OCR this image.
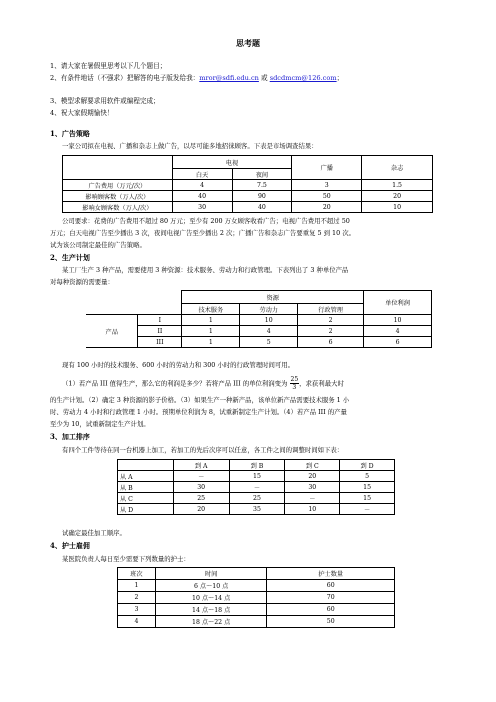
思考题
1、请大家在暑假里思考以下几个题目；
2、有条件地话（不强求）把解答的电子版发给我：mror@sdfi.edu.cn 或 sdcdmcm@126.com；
3、模型求解要求用软件或编程完成；
4、祝大家假期愉快！
1、广告策略
一家公司拟在电视、广播和杂志上做广告，以尽可能多地招徕顾客。下表是市场调查结果：
	电视		广播	杂志
	白天	夜间		
广告费用（万元/次）	4	7.5	3	1.5
影响顾客数（万人/次）	40	90	50	20
影响女顾客数（万人/次）	30	40	20	10
公司要求：花费的广告费用不超过 80 万元；至少有 200 万女顾客收看广告；电视广告费用不超过 50
万元；白天电视广告至少播出 3 次，夜间电视广告至少播出 2 次；广播广告和杂志广告要重复 5 到 10 次。
试为该公司制定最佳的广告策略。
2、生产计划
某工厂生产 3 种产品，需要使用 3 种资源：技术服务、劳动力和行政管理。下表列出了 3 种单位产品
对每种资源的需要量：
		资源			单位利润
		技术服务	劳动力	行政管理	
产品	I	1	10	2	10
	II	1	4	2	4
	III	1	5	6	6
现有 100 小时的技术服务、600 小时的劳动力和 300 小时的行政管理时间可用。
（1）若产品 III 值得生产，那么它的利润是多少？若将产品 III 的单位利润变为 $\frac{25}{3}$ ，求获利最大时
的生产计划。（2）确定 3 种资源的影子价格。（3）如果生产一种新产品，该单位新产品需要技术服务 1 小
时、劳动力 4 小时和行政管理 1 小时。预期单位利润为 8，试重新制定生产计划。（4）若产品 III 的产量
至少为 10，试重新制定生产计划。
3、加工排序
有四个工件等待在同一台机器上加工，若加工的先后次序可以任意，各工件之间的调整时间如下表：
	到 A	到 B	到 C	到 D
从 A	－	15	20	5
从 B	30	－	30	15
从 C	25	25	－	15
从 D	20	35	10	－
试确定最佳加工顺序。
4、护士雇佣
某医院负责人每日至少需要下列数量的护士：
班次	时间	护士数量
1	6 点～10 点	60
2	10 点～14 点	70
3	14 点～18 点	60
4	18 点～22 点	50
